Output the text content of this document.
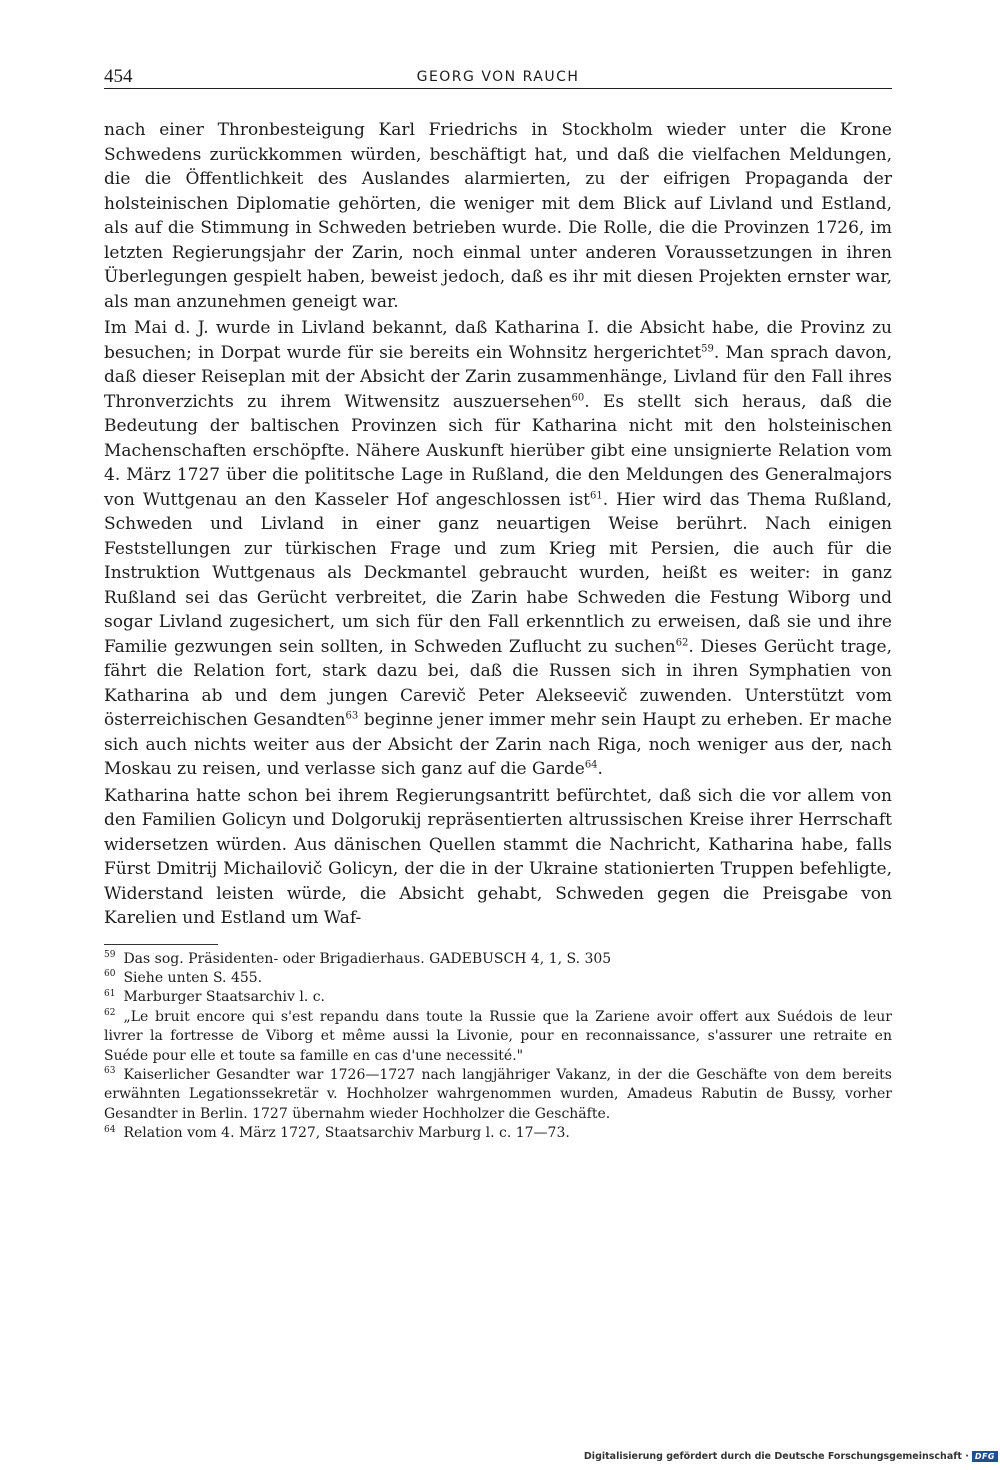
454	GEORG VON RAUCH

nach einer Thronbesteigung Karl Friedrichs in Stockholm wieder unter die Krone Schwedens zurückkommen würden, beschäftigt hat, und daß die vielfachen Meldungen, die die Öffentlichkeit des Auslandes alarmierten, zu der eifrigen Propaganda der holsteinischen Diplomatie gehörten, die weniger mit dem Blick auf Livland und Estland, als auf die Stimmung in Schweden betrieben wurde. Die Rolle, die die Provinzen 1726, im letzten Regierungsjahr der Zarin, noch einmal unter anderen Voraussetzungen in ihren Überlegungen gespielt haben, beweist jedoch, daß es ihr mit diesen Projekten ernster war, als man anzunehmen geneigt war.

Im Mai d. J. wurde in Livland bekannt, daß Katharina I. die Absicht habe, die Provinz zu besuchen; in Dorpat wurde für sie bereits ein Wohnsitz hergerichtet$^{59}$. Man sprach davon, daß dieser Reiseplan mit der Absicht der Zarin zusammenhänge, Livland für den Fall ihres Thronverzichts zu ihrem Witwensitz auszuersehen$^{60}$. Es stellt sich heraus, daß die Bedeutung der baltischen Provinzen sich für Katharina nicht mit den holsteinischen Machenschaften erschöpfte. Nähere Auskunft hierüber gibt eine unsignierte Relation vom 4. März 1727 über die polititsche Lage in Rußland, die den Meldungen des Generalmajors von Wuttgenau an den Kasseler Hof angeschlossen ist$^{61}$. Hier wird das Thema Rußland, Schweden und Livland in einer ganz neuartigen Weise berührt. Nach einigen Feststellungen zur türkischen Frage und zum Krieg mit Persien, die auch für die Instruktion Wuttgenaus als Deckmantel gebraucht wurden, heißt es weiter: in ganz Rußland sei das Gerücht verbreitet, die Zarin habe Schweden die Festung Wiborg und sogar Livland zugesichert, um sich für den Fall erkenntlich zu erweisen, daß sie und ihre Familie gezwungen sein sollten, in Schweden Zuflucht zu suchen$^{62}$. Dieses Gerücht trage, fährt die Relation fort, stark dazu bei, daß die Russen sich in ihren Symphatien von Katharina ab und dem jungen Carevič Peter Alekseevič zuwenden. Unterstützt vom österreichischen Gesandten$^{63}$ beginne jener immer mehr sein Haupt zu erheben. Er mache sich auch nichts weiter aus der Absicht der Zarin nach Riga, noch weniger aus der, nach Moskau zu reisen, und verlasse sich ganz auf die Garde$^{64}$.

Katharina hatte schon bei ihrem Regierungsantritt befürchtet, daß sich die vor allem von den Familien Golicyn und Dolgorukij repräsentierten altrussischen Kreise ihrer Herrschaft widersetzen würden. Aus dänischen Quellen stammt die Nachricht, Katharina habe, falls Fürst Dmitrij Michailovič Golicyn, der die in der Ukraine stationierten Truppen befehligte, Widerstand leisten würde, die Absicht gehabt, Schweden gegen die Preisgabe von Karelien und Estland um Waf-

$^{59}$ Das sog. Präsidenten- oder Brigadierhaus. GADEBUSCH 4, 1, S. 305

$^{60}$ Siehe unten S. 455.

$^{61}$ Marburger Staatsarchiv l. c.

$^{62}$ „Le bruit encore qui s'est repandu dans toute la Russie que la Zariene avoir offert aux Suédois de leur livrer la fortresse de Viborg et même aussi la Livonie, pour en reconnaissance, s'assurer une retraite en Suéde pour elle et toute sa famille en cas d'une necessité."

$^{63}$ Kaiserlicher Gesandter war 1726—1727 nach langjähriger Vakanz, in der die Geschäfte von dem bereits erwähnten Legationssekretär v. Hochholzer wahrgenommen wurden, Amadeus Rabutin de Bussy, vorher Gesandter in Berlin. 1727 übernahm wieder Hochholzer die Geschäfte.

$^{64}$ Relation vom 4. März 1727, Staatsarchiv Marburg l. c. 17—73.

Digitalisierung gefördert durch die Deutsche Forschungsgemeinschaft · DFG
